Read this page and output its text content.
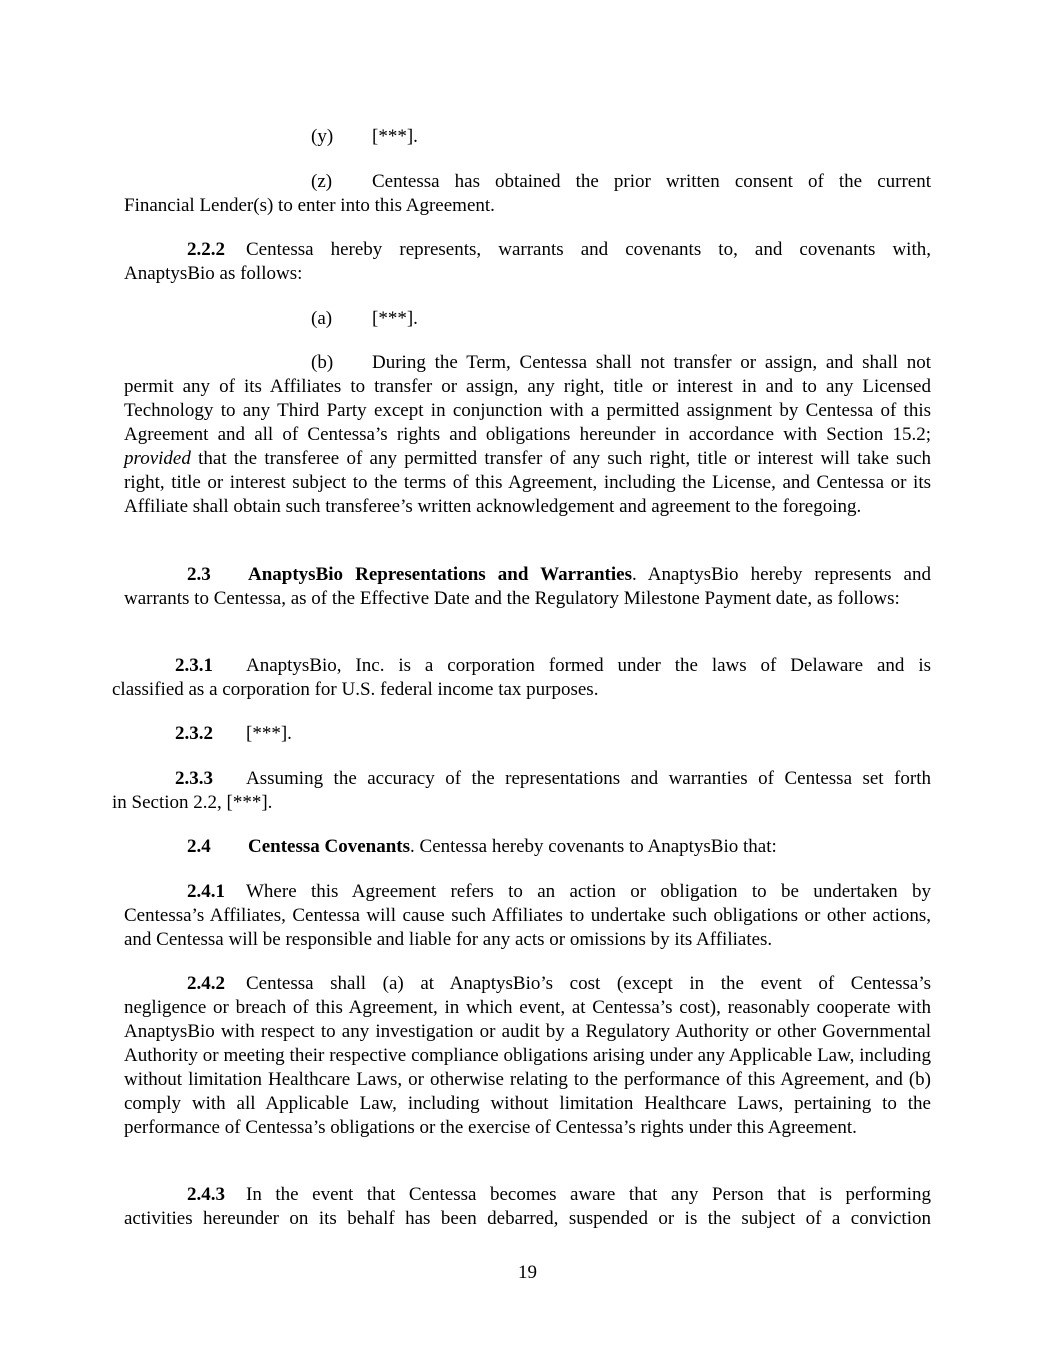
(y) [***].
(z) Centessa has obtained the prior written consent of the current
Financial Lender(s) to enter into this Agreement.
2.2.2 Centessa hereby represents, warrants and covenants to, and covenants with,
AnaptysBio as follows:
(a) [***].
(b) During the Term, Centessa shall not transfer or assign, and shall not

permit any of its Affiliates to transfer or assign, any right, title or interest in and to any Licensed Technology to any Third Party except in conjunction with a permitted assignment by Centessa of this Agreement and all of Centessa’s rights and obligations hereunder in accordance with Section 15.2; provided that the transferee of any permitted transfer of any such right, title or interest will take such right, title or interest subject to the terms of this Agreement, including the License, and Centessa or its Affiliate shall obtain such transferee’s written acknowledgement and agreement to the foregoing.

2.3 AnaptysBio Representations and Warranties. AnaptysBio hereby represents and

warrants to Centessa, as of the Effective Date and the Regulatory Milestone Payment date, as follows:

2.3.1 AnaptysBio, Inc. is a corporation formed under the laws of Delaware and is
classified as a corporation for U.S. federal income tax purposes.
2.3.2 [***].
2.3.3 Assuming the accuracy of the representations and warranties of Centessa set forth
in Section 2.2, [***].
2.4 Centessa Covenants. Centessa hereby covenants to AnaptysBio that:
2.4.1 Where this Agreement refers to an action or obligation to be undertaken by

Centessa’s Affiliates, Centessa will cause such Affiliates to undertake such obligations or other actions, and Centessa will be responsible and liable for any acts or omissions by its Affiliates.

2.4.2 Centessa shall (a) at AnaptysBio’s cost (except in the event of Centessa’s

negligence or breach of this Agreement, in which event, at Centessa’s cost), reasonably cooperate with AnaptysBio with respect to any investigation or audit by a Regulatory Authority or other Governmental Authority or meeting their respective compliance obligations arising under any Applicable Law, including without limitation Healthcare Laws, or otherwise relating to the performance of this Agreement, and (b) comply with all Applicable Law, including without limitation Healthcare Laws, pertaining to the performance of Centessa’s obligations or the exercise of Centessa’s rights under this Agreement.

2.4.3 In the event that Centessa becomes aware that any Person that is performing
activities hereunder on its behalf has been debarred, suspended or is the subject of a conviction
19
